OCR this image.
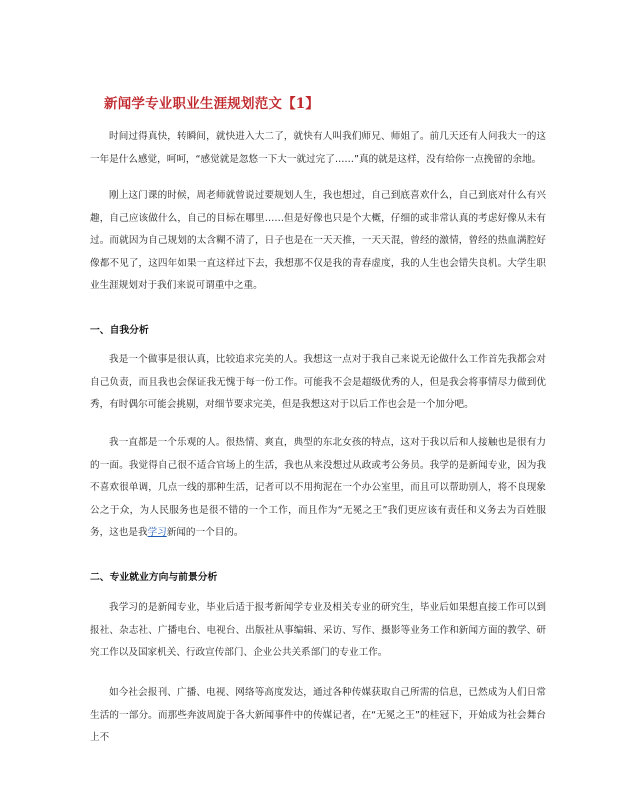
新闻学专业职业生涯规划范文【1】

时间过得真快，转瞬间，就快进入大二了，就快有人叫我们师兄、师姐了。前几天还有人问我大一的这一年是什么感觉，呵呵，“感觉就是忽悠一下大一就过完了……”真的就是这样，没有给你一点挽留的余地。

刚上这门课的时候，周老师就曾说过要规划人生，我也想过，自己到底喜欢什么，自己到底对什么有兴趣，自己应该做什么，自己的目标在哪里……但是好像也只是个大概，仔细的或非常认真的考虑好像从未有过。而就因为自己规划的太含糊不清了，日子也是在一天天推，一天天混，曾经的激情，曾经的热血满腔好像都不见了，这四年如果一直这样过下去，我想那不仅是我的青春虚度，我的人生也会错失良机。大学生职业生涯规划对于我们来说可谓重中之重。

一、自我分析

我是一个做事是很认真，比较追求完美的人。我想这一点对于我自己来说无论做什么工作首先我都会对自己负责，而且我也会保证我无愧于每一份工作。可能我不会是超级优秀的人，但是我会将事情尽力做到优秀，有时偶尔可能会挑剔，对细节要求完美，但是我想这对于以后工作也会是一个加分吧。

我一直都是一个乐观的人。很热情、爽直，典型的东北女孩的特点，这对于我以后和人接触也是很有力的一面。我觉得自己很不适合官场上的生活，我也从来没想过从政或考公务员。我学的是新闻专业，因为我不喜欢很单调，几点一线的那种生活，记者可以不用拘泥在一个办公室里，而且可以帮助别人，将不良现象公之于众，为人民服务也是很不错的一个工作，而且作为“无冕之王”我们更应该有责任和义务去为百姓服务，这也是我学习新闻的一个目的。

二、专业就业方向与前景分析

我学习的是新闻专业，毕业后适于报考新闻学专业及相关专业的研究生，毕业后如果想直接工作可以到报社、杂志社、广播电台、电视台、出版社从事编辑、采访、写作、摄影等业务工作和新闻方面的教学、研究工作以及国家机关、行政宣传部门、企业公共关系部门的专业工作。

如今社会报刊、广播、电视、网络等高度发达，通过各种传媒获取自己所需的信息，已然成为人们日常生活的一部分。而那些奔波周旋于各大新闻事件中的传媒记者，在“无冕之王”的桂冠下，开始成为社会舞台上不
